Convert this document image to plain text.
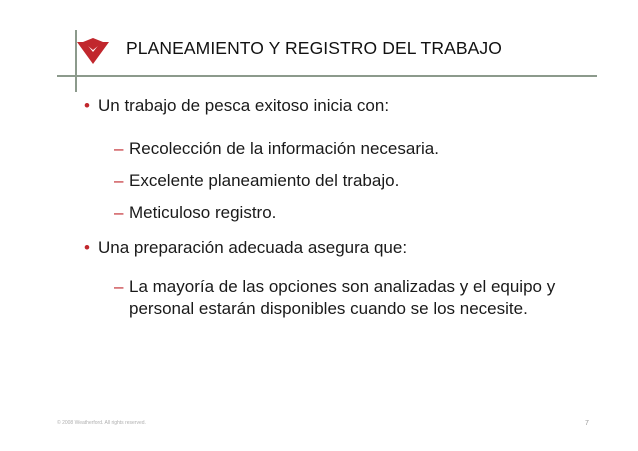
PLANEAMIENTO Y REGISTRO DEL TRABAJO
• Un trabajo de pesca exitoso inicia con:
– Recolección de la información necesaria.
– Excelente planeamiento del trabajo.
– Meticuloso registro.
• Una preparación adecuada asegura que:
– La mayoría de las opciones son analizadas y el equipo y personal estarán disponibles cuando se los necesite.
© 2008 Weatherford. All rights reserved.	7
